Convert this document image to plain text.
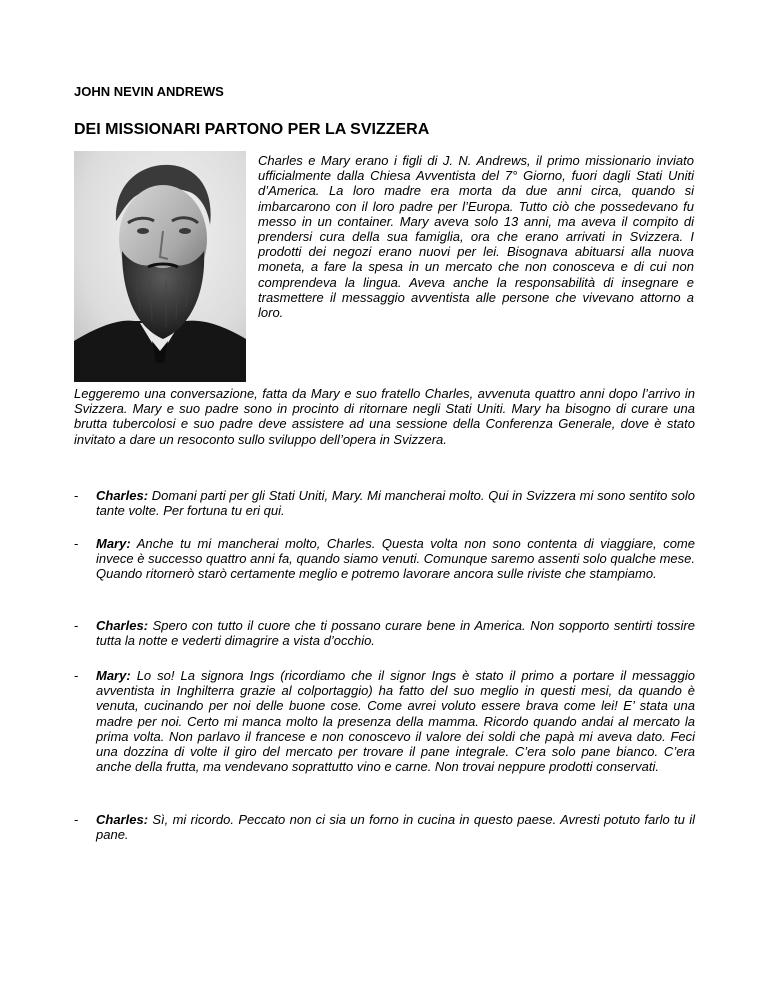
JOHN NEVIN ANDREWS
DEI MISSIONARI PARTONO PER LA SVIZZERA

Charles e Mary erano i figli di J. N. Andrews, il primo missionario inviato ufficialmente dalla Chiesa Avventista del 7° Giorno, fuori dagli Stati Uniti d’America. La loro madre era morta da due anni circa, quando si imbarcarono con il loro padre per l’Europa. Tutto ciò che possedevano fu messo in un container. Mary aveva solo 13 anni, ma aveva il compito di prendersi cura della sua famiglia, ora che erano arrivati in Svizzera. I prodotti dei negozi erano nuovi per lei. Bisognava abituarsi alla nuova moneta, a fare la spesa in un mercato che non conosceva e di cui non comprendeva la lingua. Aveva anche la responsabilità di insegnare e trasmettere il messaggio avventista alle persone che vivevano attorno a loro.

Leggeremo una conversazione, fatta da Mary e suo fratello Charles, avvenuta quattro anni dopo l’arrivo in Svizzera. Mary e suo padre sono in procinto di ritornare negli Stati Uniti. Mary ha bisogno di curare una brutta tubercolosi e suo padre deve assistere ad una sessione della Conferenza Generale, dove è stato invitato a dare un resoconto sullo sviluppo dell’opera in Svizzera.

- Charles: Domani parti per gli Stati Uniti, Mary. Mi mancherai molto. Qui in Svizzera mi sono sentito solo tante volte. Per fortuna tu eri qui.

- Mary: Anche tu mi mancherai molto, Charles. Questa volta non sono contenta di viaggiare, come invece è successo quattro anni fa, quando siamo venuti. Comunque saremo assenti solo qualche mese. Quando ritornerò starò certamente meglio e potremo lavorare ancora sulle riviste che stampiamo.

- Charles: Spero con tutto il cuore che ti possano curare bene in America. Non sopporto sentirti tossire tutta la notte e vederti dimagrire a vista d’occhio.

- Mary: Lo so! La signora Ings (ricordiamo che il signor Ings è stato il primo a portare il messaggio avventista in Inghilterra grazie al colportaggio) ha fatto del suo meglio in questi mesi, da quando è venuta, cucinando per noi delle buone cose. Come avrei voluto essere brava come lei! E’ stata una madre per noi. Certo mi manca molto la presenza della mamma. Ricordo quando andai al mercato la prima volta. Non parlavo il francese e non conoscevo il valore dei soldi che papà mi aveva dato. Feci una dozzina di volte il giro del mercato per trovare il pane integrale. C’era solo pane bianco. C’era anche della frutta, ma vendevano soprattutto vino e carne. Non trovai neppure prodotti conservati.

- Charles: Sì, mi ricordo. Peccato non ci sia un forno in cucina in questo paese. Avresti potuto farlo tu il pane.
